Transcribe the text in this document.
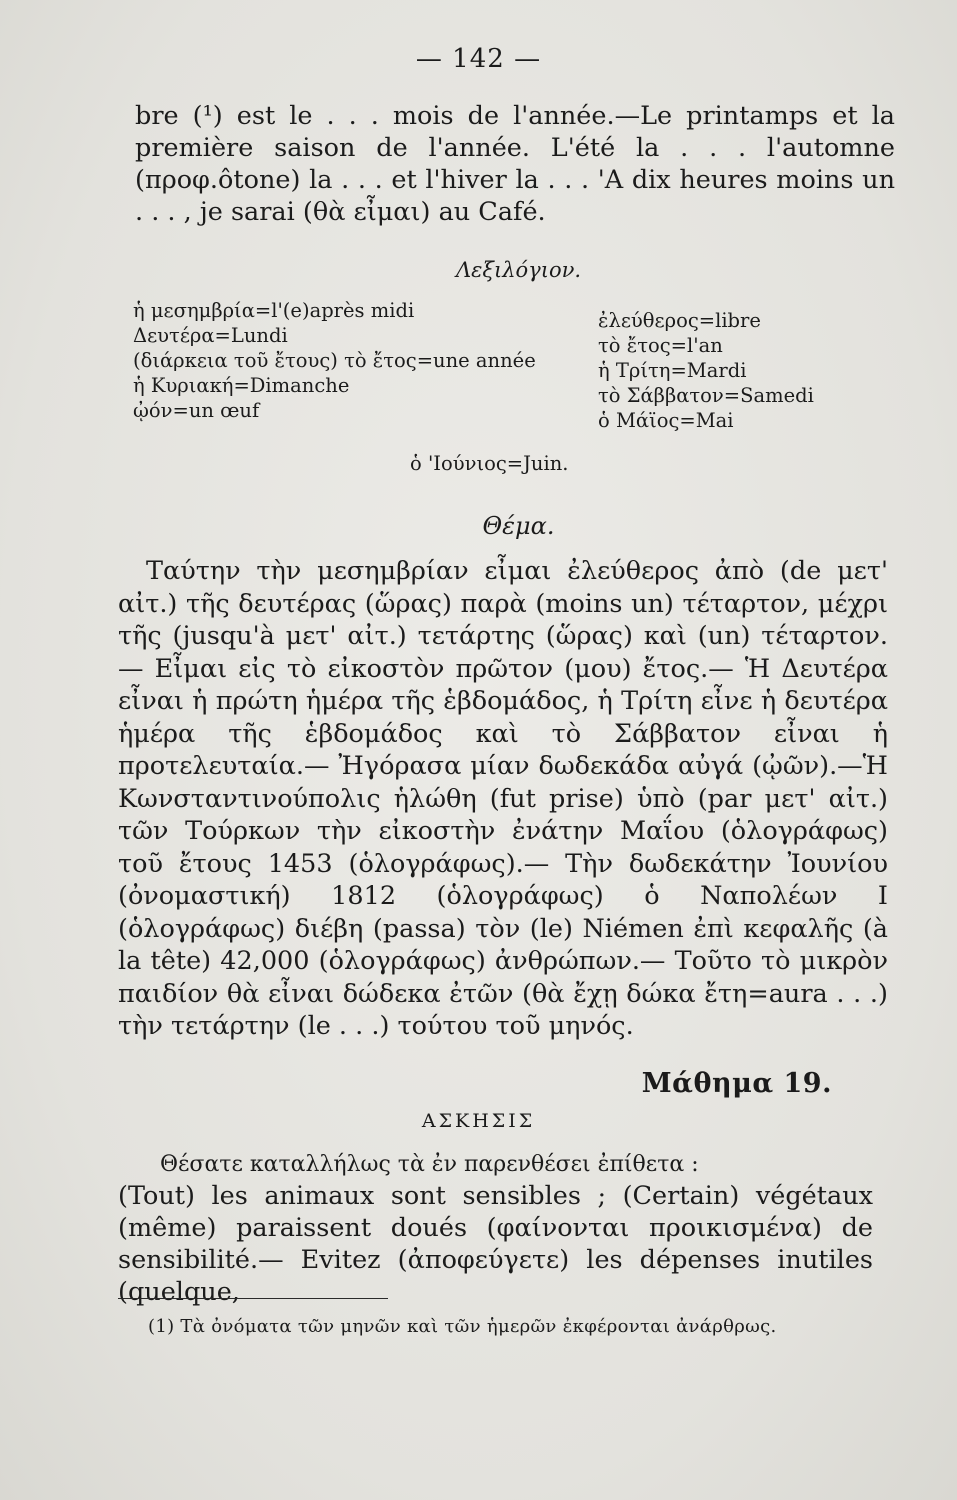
— 142 —
bre (¹) est le . . . mois de l'année.—Le printamps et la première saison de l'année. L'été la . . . l'automne (προφ.ôtone) la . . . et l'hiver la . . . 'A dix heures moins un . . . , je sarai (θὰ εἶμαι) au Café.
Λεξιλόγιον.
ἡ μεσημβρία=l'(e)après midi
Δευτέρα=Lundi
(διάρκεια τοῦ ἔτους) τὸ ἔτος=une année
ἡ Κυριακή=Dimanche
ᾠόν=un œuf
ἐλεύθερος=libre
τὸ ἔτος=l'an
ἡ Τρίτη=Mardi
τὸ Σάββατον=Samedi
ὁ Μάϊος=Mai
ὁ 'Ιούνιος=Juin.
Θέμα.
Ταύτην τὴν μεσημβρίαν εἶμαι ἐλεύθερος ἀπὸ (de μετ' αἰτ.) τῆς δευτέρας (ὥρας) παρὰ (moins un) τέταρτον, μέχρι τῆς (jusqu'à μετ' αἰτ.) τετάρτης (ὥρας) καὶ (un) τέταρτον.— Εἶμαι εἰς τὸ εἰκοστὸν πρῶτον (μου) ἔτος.— Ἡ Δευτέρα εἶναι ἡ πρώτη ἡμέρα τῆς ἑβδομάδος, ἡ Τρίτη εἶνε ἡ δευτέρα ἡμέρα τῆς ἑβδομάδος καὶ τὸ Σάββατον εἶναι ἡ προτελευταία.— Ἠγόρασα μίαν δωδεκάδα αὐγά (ᾠῶν).—Ἡ Κωνσταντινούπολις ἡλώθη (fut prise) ὑπὸ (par μετ' αἰτ.) τῶν Τούρκων τὴν εἰκοστὴν ἐνάτην Μαΐου (ὁλογράφως) τοῦ ἔτους 1453 (ὁλογράφως).— Τὴν δωδεκάτην Ἰουνίου (ὀνομαστική) 1812 (ὁλογράφως) ὁ Ναπολέων I (ὁλογράφως) διέβη (passa) τὸν (le) Niémen ἐπὶ κεφαλῆς (à la tête) 42,000 (ὁλογράφως) ἀνθρώπων.— Τοῦτο τὸ μικρὸν παιδίον θὰ εἶναι δώδεκα ἐτῶν (θὰ ἔχῃ δώκα ἔτη=aura . . .) τὴν τετάρτην (le . . .) τούτου τοῦ μηνός.
Μάθημα 19.
ΑΣΚΗΣΙΣ
Θέσατε καταλλήλως τὰ ἐν παρενθέσει ἐπίθετα :
(Tout) les animaux sont sensibles ; (Certain) végétaux (même) paraissent doués (φαίνονται προικισμένα) de sensibilité.— Evitez (ἀποφεύγετε) les dépenses inutiles (quelque,
(1) Τὰ ὀνόματα τῶν μηνῶν καὶ τῶν ἡμερῶν ἐκφέρονται ἀνάρθρως.
